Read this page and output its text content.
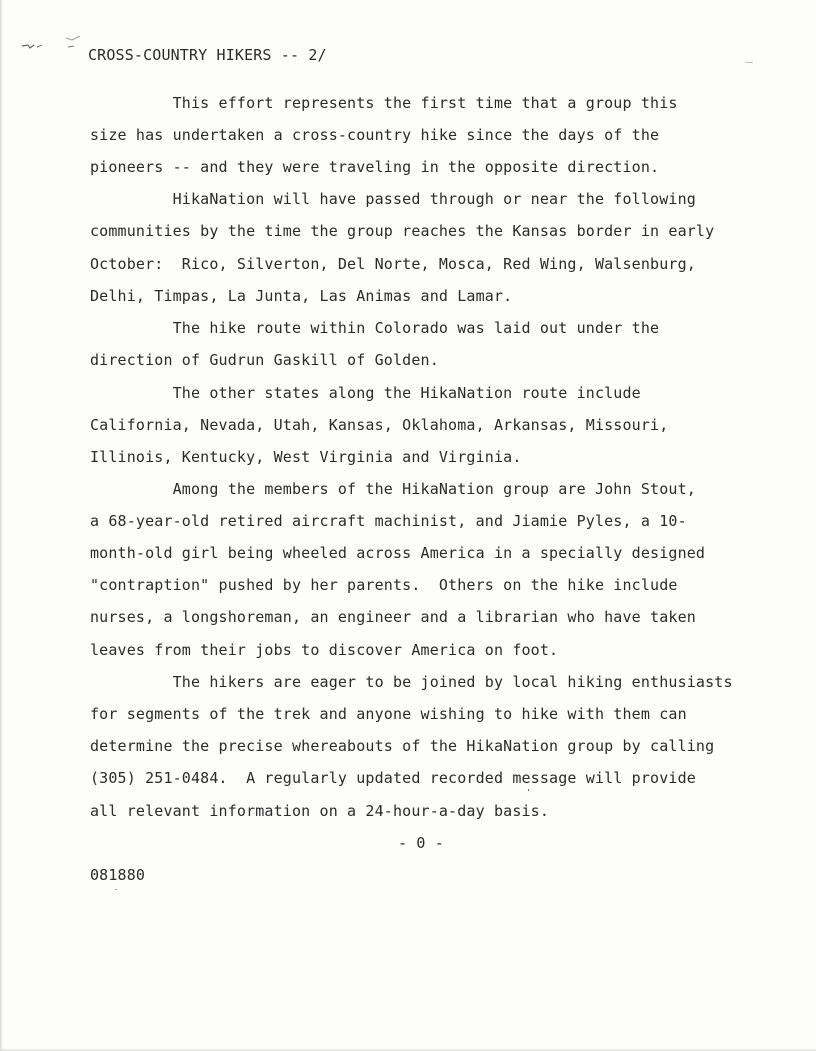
CROSS-COUNTRY HIKERS -- 2/
This effort represents the first time that a group this
size has undertaken a cross-country hike since the days of the
pioneers -- and they were traveling in the opposite direction.
HikaNation will have passed through or near the following
communities by the time the group reaches the Kansas border in early
October:  Rico, Silverton, Del Norte, Mosca, Red Wing, Walsenburg,
Delhi, Timpas, La Junta, Las Animas and Lamar.
The hike route within Colorado was laid out under the
direction of Gudrun Gaskill of Golden.
The other states along the HikaNation route include
California, Nevada, Utah, Kansas, Oklahoma, Arkansas, Missouri,
Illinois, Kentucky, West Virginia and Virginia.
Among the members of the HikaNation group are John Stout,
a 68-year-old retired aircraft machinist, and Jiamie Pyles, a 10-
month-old girl being wheeled across America in a specially designed
"contraption" pushed by her parents.  Others on the hike include
nurses, a longshoreman, an engineer and a librarian who have taken
leaves from their jobs to discover America on foot.
The hikers are eager to be joined by local hiking enthusiasts
for segments of the trek and anyone wishing to hike with them can
determine the precise whereabouts of the HikaNation group by calling
(305) 251-0484.  A regularly updated recorded message will provide
all relevant information on a 24-hour-a-day basis.
- 0 -
081880
